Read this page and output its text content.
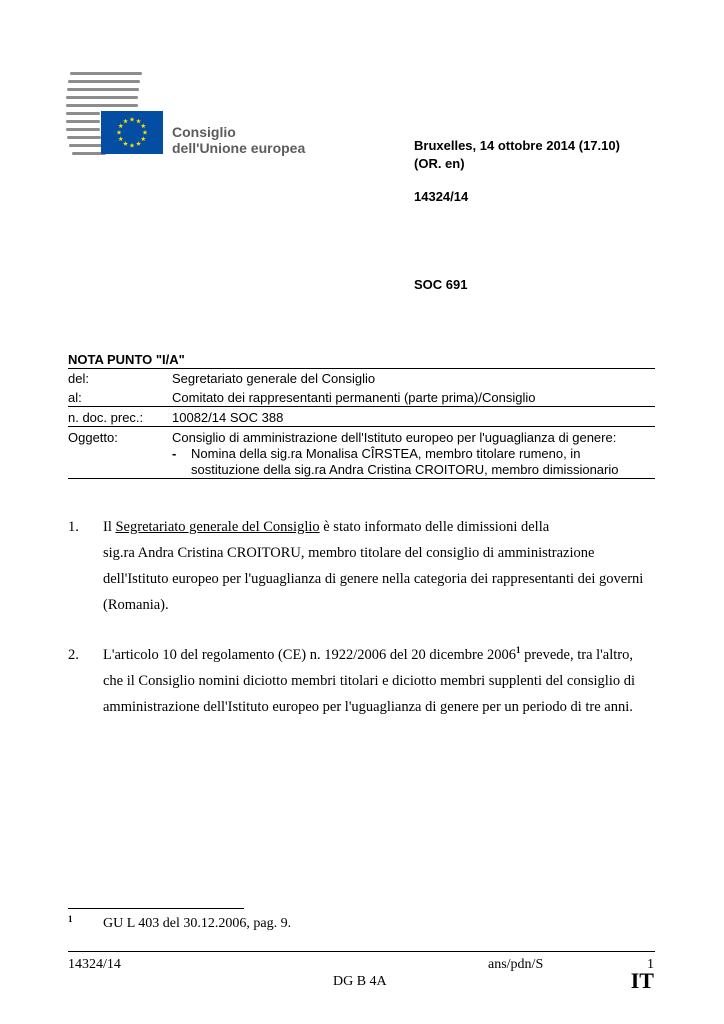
Consiglio
dell'Unione europea	Bruxelles, 14 ottobre 2014 (17.10)
(OR. en)
14324/14
SOC 691
NOTA PUNTO "I/A"
del:	Segretariato generale del Consiglio
al:	Comitato dei rappresentanti permanenti (parte prima)/Consiglio
n. doc. prec.: 10082/14 SOC 388
Oggetto:	Consiglio di amministrazione dell'Istituto europeo per l'uguaglianza di genere:
- Nomina della sig.ra Monalisa CÎRSTEA, membro titolare rumeno, in
sostituzione della sig.ra Andra Cristina CROITORU, membro dimissionario
1. Il Segretariato generale del Consiglio è stato informato delle dimissioni della
sig.ra Andra Cristina CROITORU, membro titolare del consiglio di amministrazione
dell'Istituto europeo per l'uguaglianza di genere nella categoria dei rappresentanti dei governi
(Romania).
2. L'articolo 10 del regolamento (CE) n. 1922/2006 del 20 dicembre 2006$^1$ prevede, tra l'altro,
che il Consiglio nomini diciotto membri titolari e diciotto membri supplenti del consiglio di
amministrazione dell'Istituto europeo per l'uguaglianza di genere per un periodo di tre anni.
1 GU L 403 del 30.12.2006, pag. 9.
14324/14	ans/pdn/S	1
DG B 4A	IT
